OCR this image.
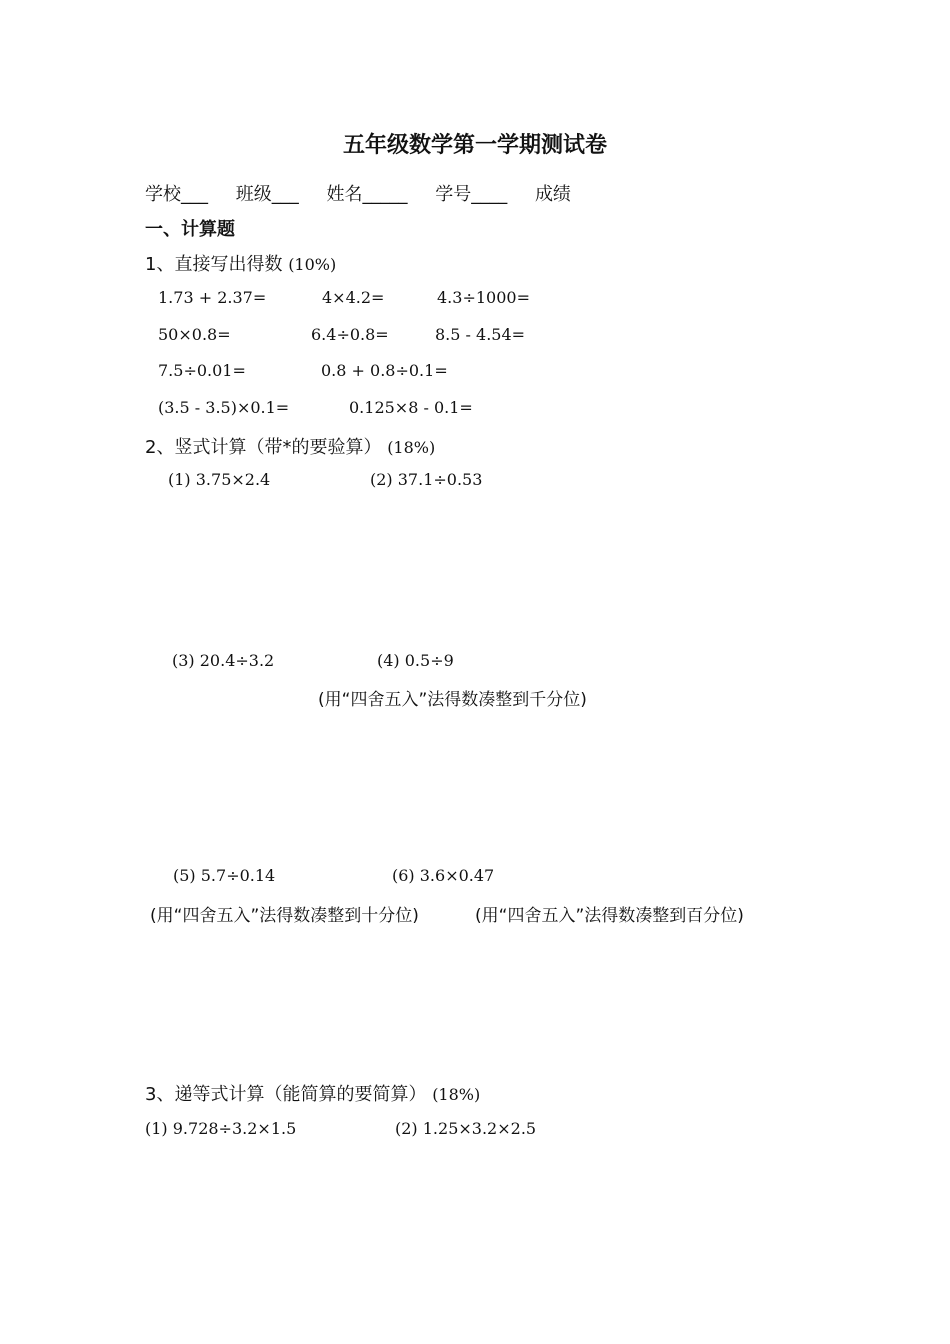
五年级数学第一学期测试卷
学校___ 班级___ 姓名_____ 学号____ 成绩
一、计算题
1、直接写出得数 (10%)
1.73 + 2.37=	4×4.2=	4.3÷1000=
50×0.8=	6.4÷0.8=	8.5 - 4.54=
7.5÷0.01=	0.8 + 0.8÷0.1=
(3.5 - 3.5)×0.1=	0.125×8 - 0.1=
2、竖式计算（带*的要验算） (18%)
(1) 3.75×2.4	(2) 37.1÷0.53
(3) 20.4÷3.2	(4) 0.5÷9
(用“四舍五入”法得数凑整到千分位)
(5) 5.7÷0.14	(6) 3.6×0.47
(用“四舍五入”法得数凑整到十分位)	(用“四舍五入”法得数凑整到百分位)
3、递等式计算（能简算的要简算） (18%)
(1) 9.728÷3.2×1.5	(2) 1.25×3.2×2.5
